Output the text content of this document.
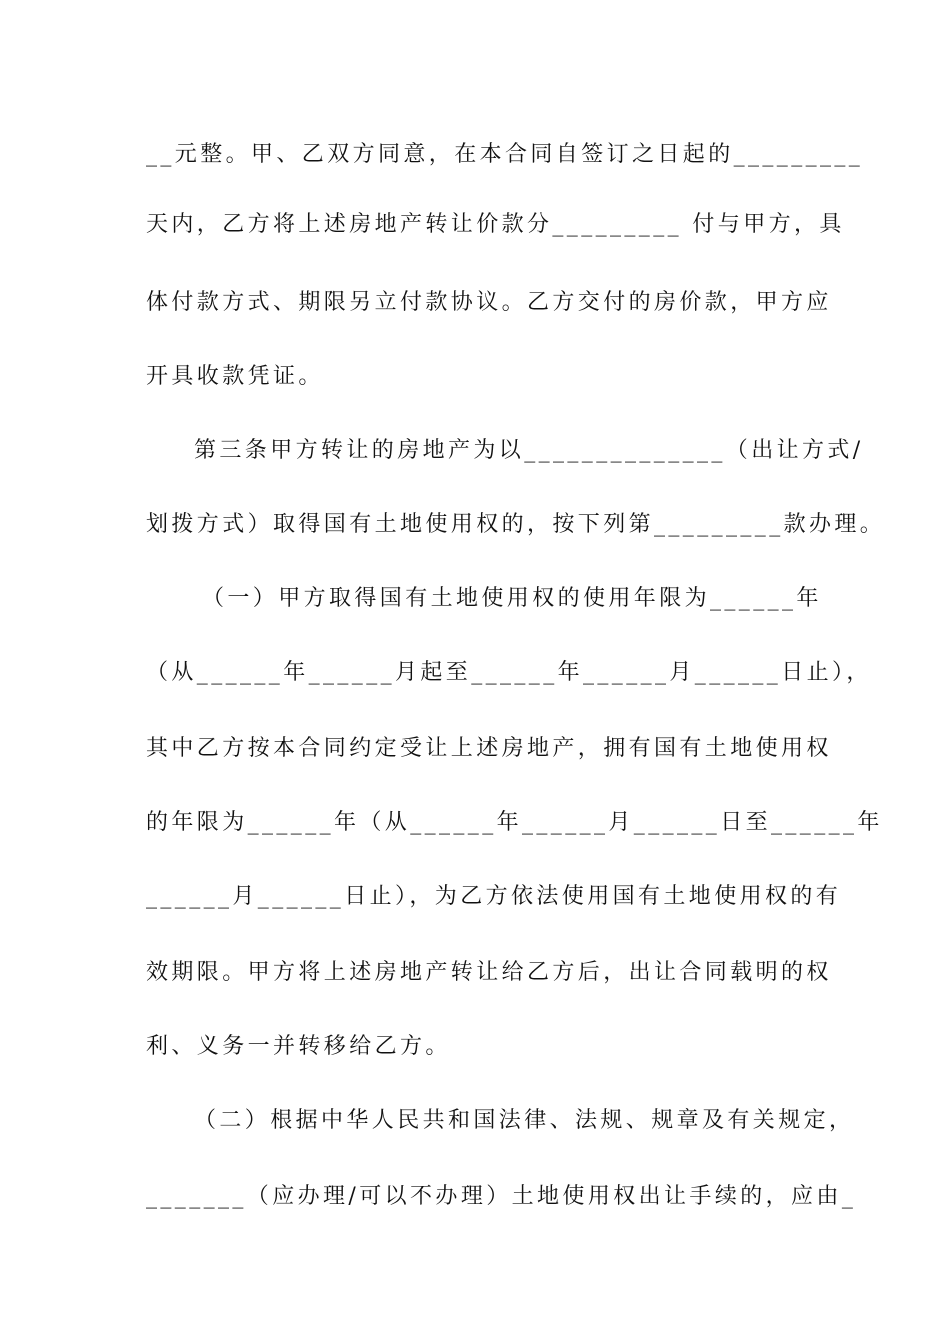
__元整。甲、乙双方同意，在本合同自签订之日起的_________
天内，乙方将上述房地产转让价款分_________ 付与甲方，具
体付款方式、期限另立付款协议。乙方交付的房价款，甲方应
开具收款凭证。
第三条甲方转让的房地产为以______________（出让方式/
划拨方式）取得国有土地使用权的，按下列第_________款办理。
（一）甲方取得国有土地使用权的使用年限为______年
（从______年______月起至______年______月______日止），
其中乙方按本合同约定受让上述房地产，拥有国有土地使用权
的年限为______年（从______年______月______日至______年
______月______日止），为乙方依法使用国有土地使用权的有
效期限。甲方将上述房地产转让给乙方后，出让合同载明的权
利、义务一并转移给乙方。
（二）根据中华人民共和国法律、法规、规章及有关规定，
_______（应办理/可以不办理）土地使用权出让手续的，应由_
